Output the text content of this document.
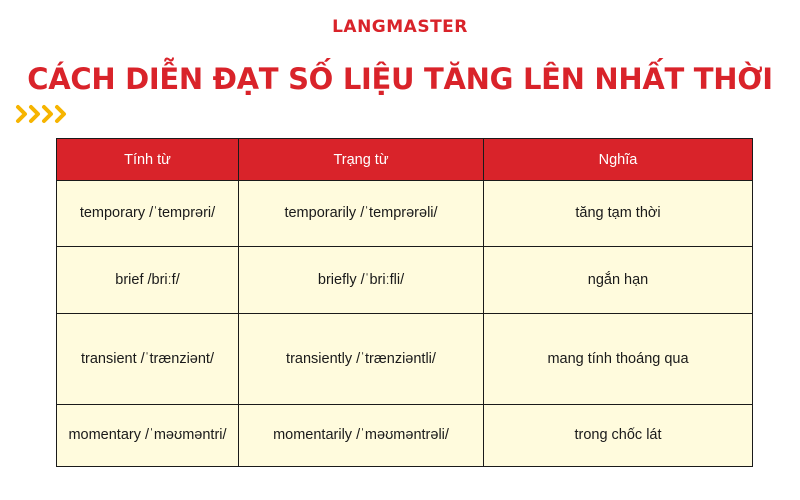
LANGMASTER
CÁCH DIỄN ĐẠT SỐ LIỆU TĂNG LÊN NHẤT THỜI
Tính từ	Trạng từ	Nghĩa
temporary /ˈtemprəri/	temporarily /ˈtemprərəli/	tăng tạm thời
brief /briːf/	briefly /ˈbriːfli/	ngắn hạn
transient /ˈtrænziənt/	transiently /ˈtrænziəntli/	mang tính thoáng qua
momentary /ˈməʊməntri/	momentarily /ˈməʊməntrəli/	trong chốc lát
